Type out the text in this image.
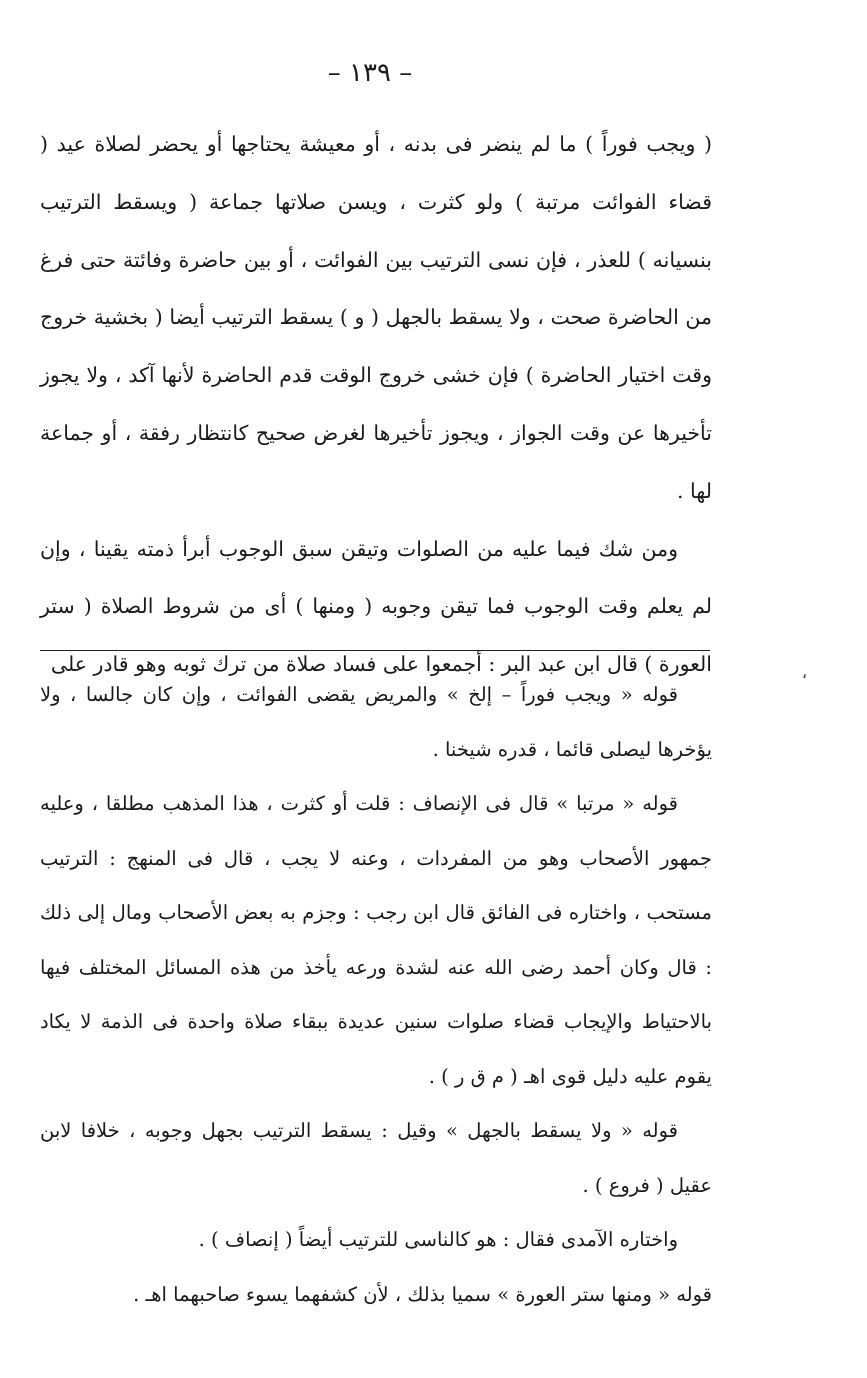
– ١٣٩ –

( ويجب فوراً ) ما لم ينضر فى بدنه ، أو معيشة يحتاجها أو يحضر لصلاة عيد ( قضاء الفوائت مرتبة ) ولو كثرت ، ويسن صلاتها جماعة ( ويسقط الترتيب بنسيانه ) للعذر ، فإن نسى الترتيب بين الفوائت ، أو بين حاضرة وفائتة حتى فرغ من الحاضرة صحت ، ولا يسقط بالجهل ( و ) يسقط الترتيب أيضا ( بخشية خروج وقت اختيار الحاضرة ) فإن خشى خروج الوقت قدم الحاضرة لأنها آكد ، ولا يجوز تأخيرها عن وقت الجواز ، ويجوز تأخيرها لغرض صحيح كانتظار رفقة ، أو جماعة لها .

ومن شك فيما عليه من الصلوات وتيقن سبق الوجوب أبرأ ذمته يقينا ، وإن لم يعلم وقت الوجوب فما تيقن وجوبه ( ومنها ) أى من شروط الصلاة ( ستر العورة ) قال ابن عبد البر : أجمعوا على فساد صلاة من ترك ثوبه وهو قادر على	،

قوله « ويجب فوراً – إلخ » والمريض يقضى الفوائت ، وإن كان جالسا ، ولا يؤخرها ليصلى قائما ، قدره شيخنا .

قوله « مرتبا » قال فى الإنصاف : قلت أو كثرت ، هذا المذهب مطلقا ، وعليه جمهور الأصحاب وهو من المفردات ، وعنه لا يجب ، قال فى المنهج : الترتيب مستحب ، واختاره فى الفائق قال ابن رجب : وجزم به بعض الأصحاب ومال إلى ذلك : قال وكان أحمد رضى الله عنه لشدة ورعه يأخذ من هذه المسائل المختلف فيها بالاحتياط والإيجاب قضاء صلوات سنين عديدة ببقاء صلاة واحدة فى الذمة لا يكاد يقوم عليه دليل قوى اهـ ( م ق ر ) .

قوله « ولا يسقط بالجهل » وقيل : يسقط الترتيب بجهل وجوبه ، خلافا لابن عقيل ( فروع ) .

واختاره الآمدى فقال : هو كالناسى للترتيب أيضاً ( إنصاف ) .

قوله « ومنها ستر العورة » سميا بذلك ، لأن كشفهما يسوء صاحبهما اهـ .
